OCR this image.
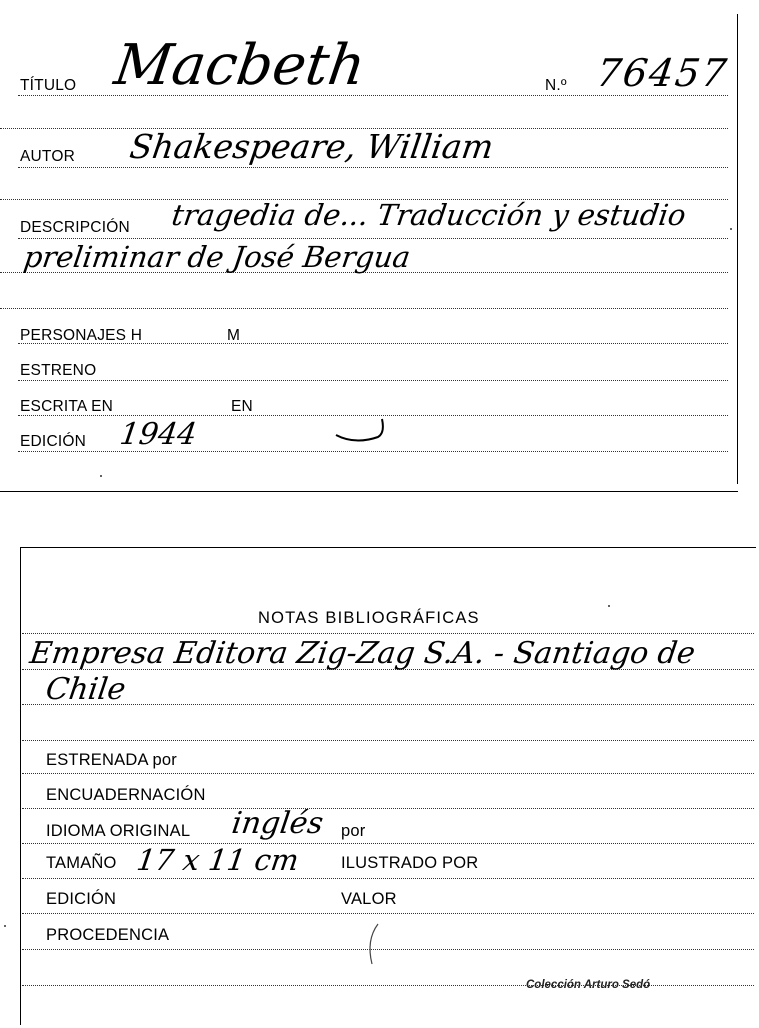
TÍTULO Macbeth	N.º 76457
AUTOR Shakespeare, William
DESCRIPCIÓN tragedia de... Traducción y estudio
preliminar de José Bergua
PERSONAJES H	M
ESTRENO
ESCRITA EN	EN
EDICIÓN 1944
NOTAS BIBLIOGRÁFICAS
Empresa Editora Zig-Zag S.A. - Santiago de
Chile
ESTRENADA por
ENCUADERNACIÓN
IDIOMA ORIGINAL inglés por
TAMAÑO 17 x 11 cm ILUSTRADO POR
EDICIÓN	VALOR
PROCEDENCIA
Colección Arturo Sedó
